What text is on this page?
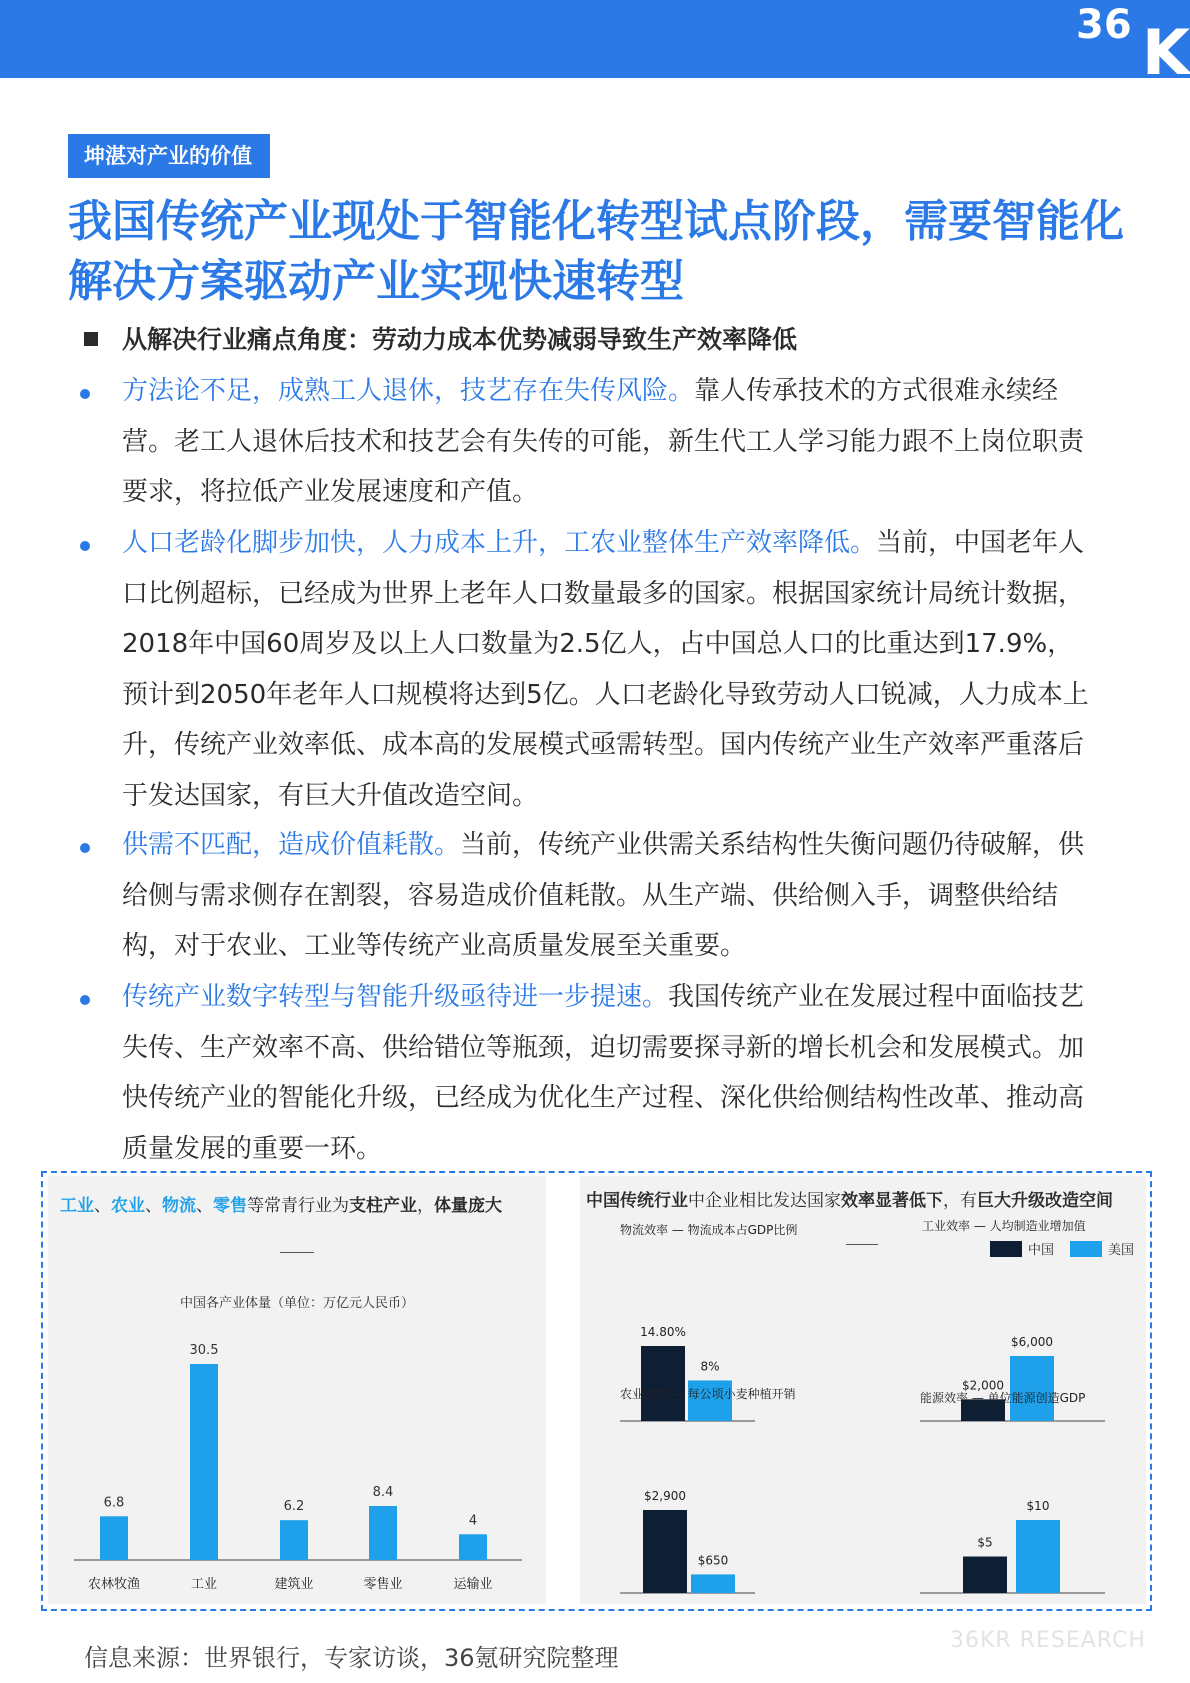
36 K
坤湛对产业的价值
我国传统产业现处于智能化转型试点阶段，需要智能化解决方案驱动产业实现快速转型
从解决行业痛点角度：劳动力成本优势减弱导致生产效率降低
方法论不足，成熟工人退休，技艺存在失传风险。靠人传承技术的方式很难永续经营。老工人退休后技术和技艺会有失传的可能，新生代工人学习能力跟不上岗位职责要求，将拉低产业发展速度和产值。
人口老龄化脚步加快，人力成本上升，工农业整体生产效率降低。当前，中国老年人口比例超标，已经成为世界上老年人口数量最多的国家。根据国家统计局统计数据，2018年中国60周岁及以上人口数量为2.5亿人，占中国总人口的比重达到17.9%，预计到2050年老年人口规模将达到5亿。人口老龄化导致劳动人口锐减，人力成本上升，传统产业效率低、成本高的发展模式亟需转型。国内传统产业生产效率严重落后于发达国家，有巨大升值改造空间。
供需不匹配，造成价值耗散。当前，传统产业供需关系结构性失衡问题仍待破解，供给侧与需求侧存在割裂，容易造成价值耗散。从生产端、供给侧入手，调整供给结构，对于农业、工业等传统产业高质量发展至关重要。
传统产业数字转型与智能升级亟待进一步提速。我国传统产业在发展过程中面临技艺失传、生产效率不高、供给错位等瓶颈，迫切需要探寻新的增长机会和发展模式。加快传统产业的智能化升级，已经成为优化生产过程、深化供给侧结构性改革、推动高质量发展的重要一环。
工业、农业、物流、零售等常青行业为支柱产业，体量庞大
中国各产业体量（单位：万亿元人民币）
6.8
农林牧渔
30.5
工业
6.2
建筑业
8.4
零售业
4
运输业
中国传统行业中企业相比发达国家效率显著低下，有巨大升级改造空间
中国	美国
物流效率 — 物流成本占GDP比例
14.80%
8%
工业效率 — 人均制造业增加值
$2,000
$6,000
农业效率 — 每公顷小麦种植开销
$2,900
$650
能源效率 — 单位能源创造GDP
$5
$10
信息来源：世界银行，专家访谈，36氪研究院整理
36KR RESEARCH
